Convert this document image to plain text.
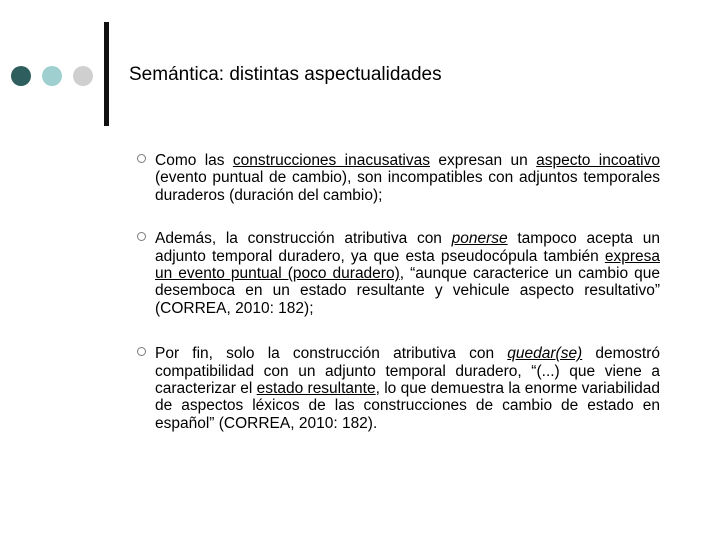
Semántica: distintas aspectualidades

Como las construcciones inacusativas expresan un aspecto incoativo (evento puntual de cambio), son incompatibles con adjuntos temporales duraderos (duración del cambio);

Además, la construcción atributiva con ponerse tampoco acepta un adjunto temporal duradero, ya que esta pseudocópula también expresa un evento puntual (poco duradero), “aunque caracterice un cambio que desemboca en un estado resultante y vehicule aspecto resultativo” (CORREA, 2010: 182);

Por fin, solo la construcción atributiva con quedar(se) demostró compatibilidad con un adjunto temporal duradero, “(...) que viene a caracterizar el estado resultante, lo que demuestra la enorme variabilidad de aspectos léxicos de las construcciones de cambio de estado en español” (CORREA, 2010: 182).
